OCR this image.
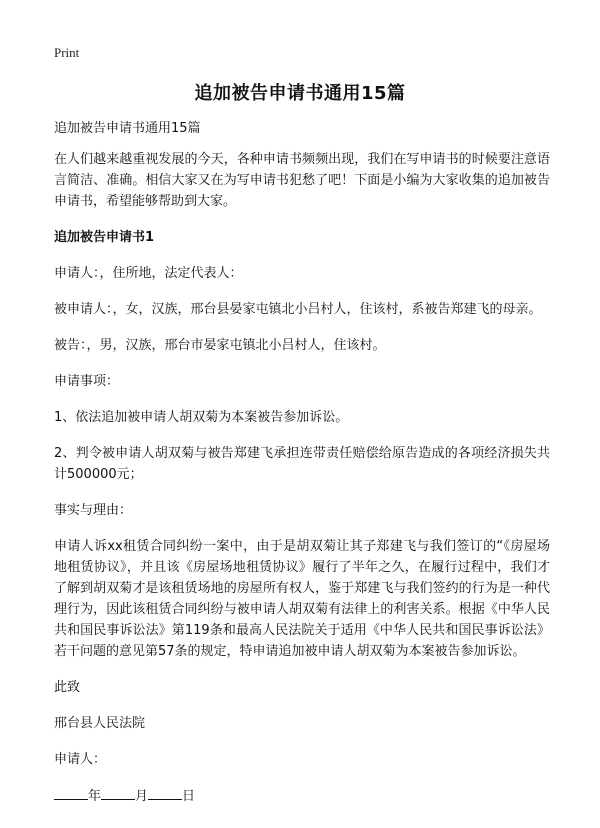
Print
追加被告申请书通用15篇

追加被告申请书通用15篇

在人们越来越重视发展的今天，各种申请书频频出现，我们在写申请书的时候要注意语言简洁、准确。相信大家又在为写申请书犯愁了吧！下面是小编为大家收集的追加被告申请书，希望能够帮助到大家。

追加被告申请书1

申请人：，住所地，法定代表人：

被申请人：，女，汉族，邢台县晏家屯镇北小吕村人，住该村，系被告郑建飞的母亲。

被告：，男，汉族，邢台市晏家屯镇北小吕村人，住该村。

申请事项：

1、依法追加被申请人胡双菊为本案被告参加诉讼。

2、判令被申请人胡双菊与被告郑建飞承担连带责任赔偿给原告造成的各项经济损失共计500000元；

事实与理由：

申请人诉xx租赁合同纠纷一案中，由于是胡双菊让其子郑建飞与我们签订的“《房屋场地租赁协议》，并且该《房屋场地租赁协议》履行了半年之久，在履行过程中，我们才了解到胡双菊才是该租赁场地的房屋所有权人，鉴于郑建飞与我们签约的行为是一种代理行为，因此该租赁合同纠纷与被申请人胡双菊有法律上的利害关系。根据《中华人民共和国民事诉讼法》第119条和最高人民法院关于适用《中华人民共和国民事诉讼法》若干问题的意见第57条的规定，特申请追加被申请人胡双菊为本案被告参加诉讼。

此致

邢台县人民法院

申请人：

年	月	日
